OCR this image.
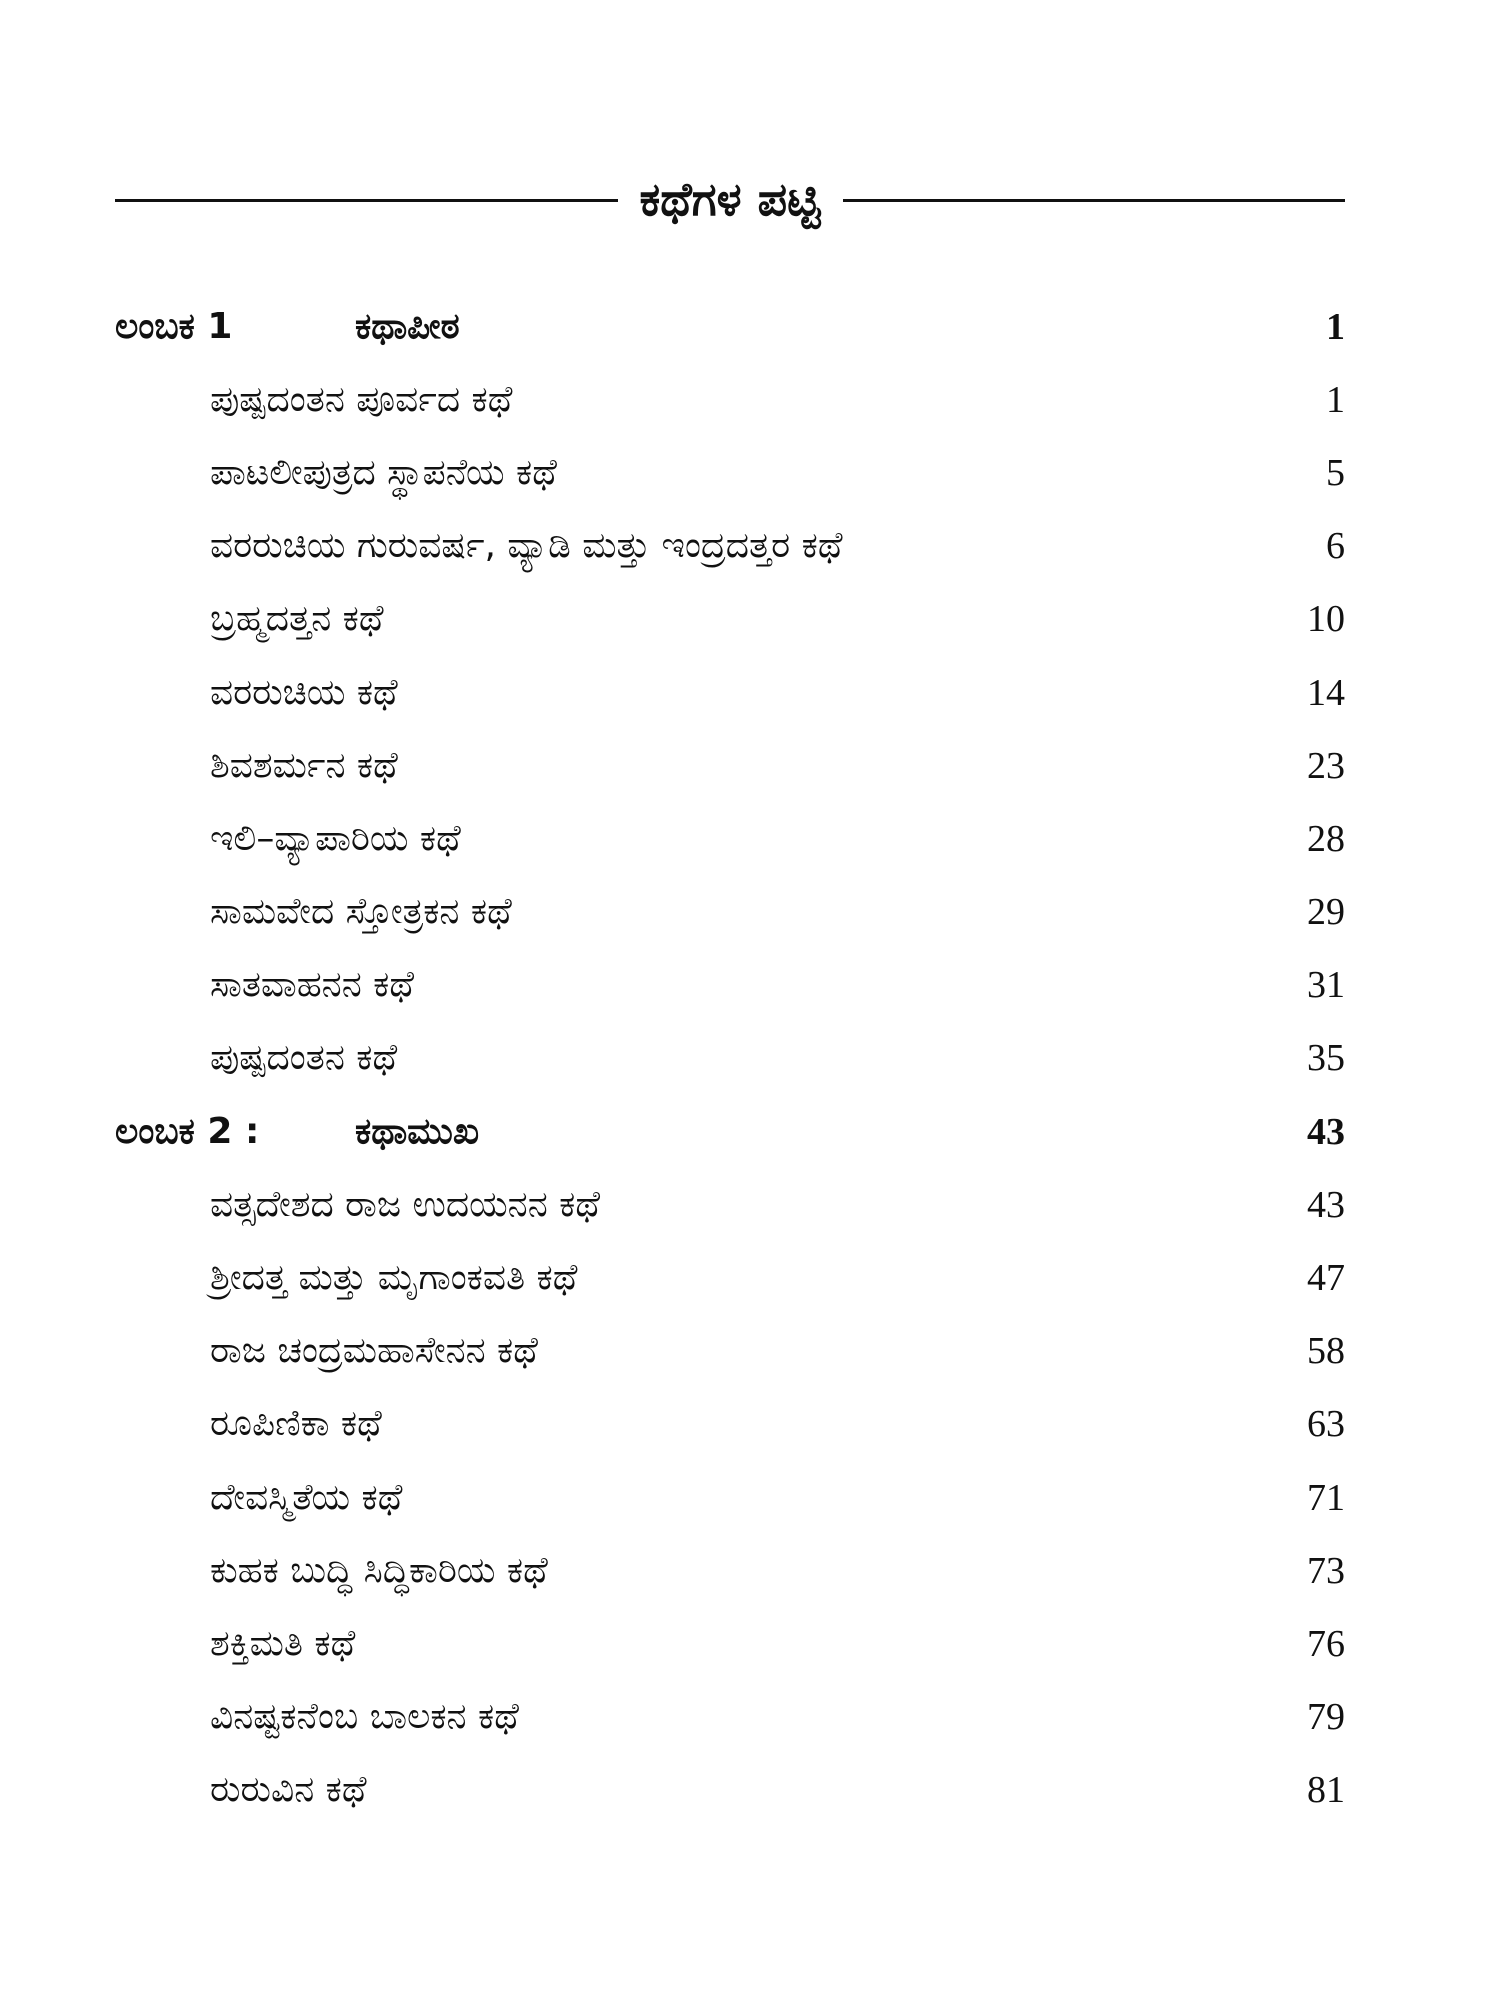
ಕಥೆಗಳ ಪಟ್ಟಿ
ಲಂಬಕ 1	ಕಥಾಪೀಠ	1
ಪುಷ್ಪದಂತನ ಪೂರ್ವದ ಕಥೆ	1
ಪಾಟಲೀಪುತ್ರದ ಸ್ಥಾಪನೆಯ ಕಥೆ	5
ವರರುಚಿಯ ಗುರುವರ್ಷ, ವ್ಯಾಡಿ ಮತ್ತು ಇಂದ್ರದತ್ತರ ಕಥೆ	6
ಬ್ರಹ್ಮದತ್ತನ ಕಥೆ	10
ವರರುಚಿಯ ಕಥೆ	14
ಶಿವಶರ್ಮನ ಕಥೆ	23
ಇಲಿ–ವ್ಯಾಪಾರಿಯ ಕಥೆ	28
ಸಾಮವೇದ ಸ್ತೋತ್ರಕನ ಕಥೆ	29
ಸಾತವಾಹನನ ಕಥೆ	31
ಪುಷ್ಪದಂತನ ಕಥೆ	35
ಲಂಬಕ 2 :	ಕಥಾಮುಖ	43
ವತ್ಸದೇಶದ ರಾಜ ಉದಯನನ ಕಥೆ	43
ಶ್ರೀದತ್ತ ಮತ್ತು ಮೃಗಾಂಕವತಿ ಕಥೆ	47
ರಾಜ ಚಂದ್ರಮಹಾಸೇನನ ಕಥೆ	58
ರೂಪಿಣಿಕಾ ಕಥೆ	63
ದೇವಸ್ಮಿತೆಯ ಕಥೆ	71
ಕುಹಕ ಬುದ್ಧಿ ಸಿದ್ಧಿಕಾರಿಯ ಕಥೆ	73
ಶಕ್ತಿಮತಿ ಕಥೆ	76
ವಿನಷ್ಟಕನೆಂಬ ಬಾಲಕನ ಕಥೆ	79
ರುರುವಿನ ಕಥೆ	81
